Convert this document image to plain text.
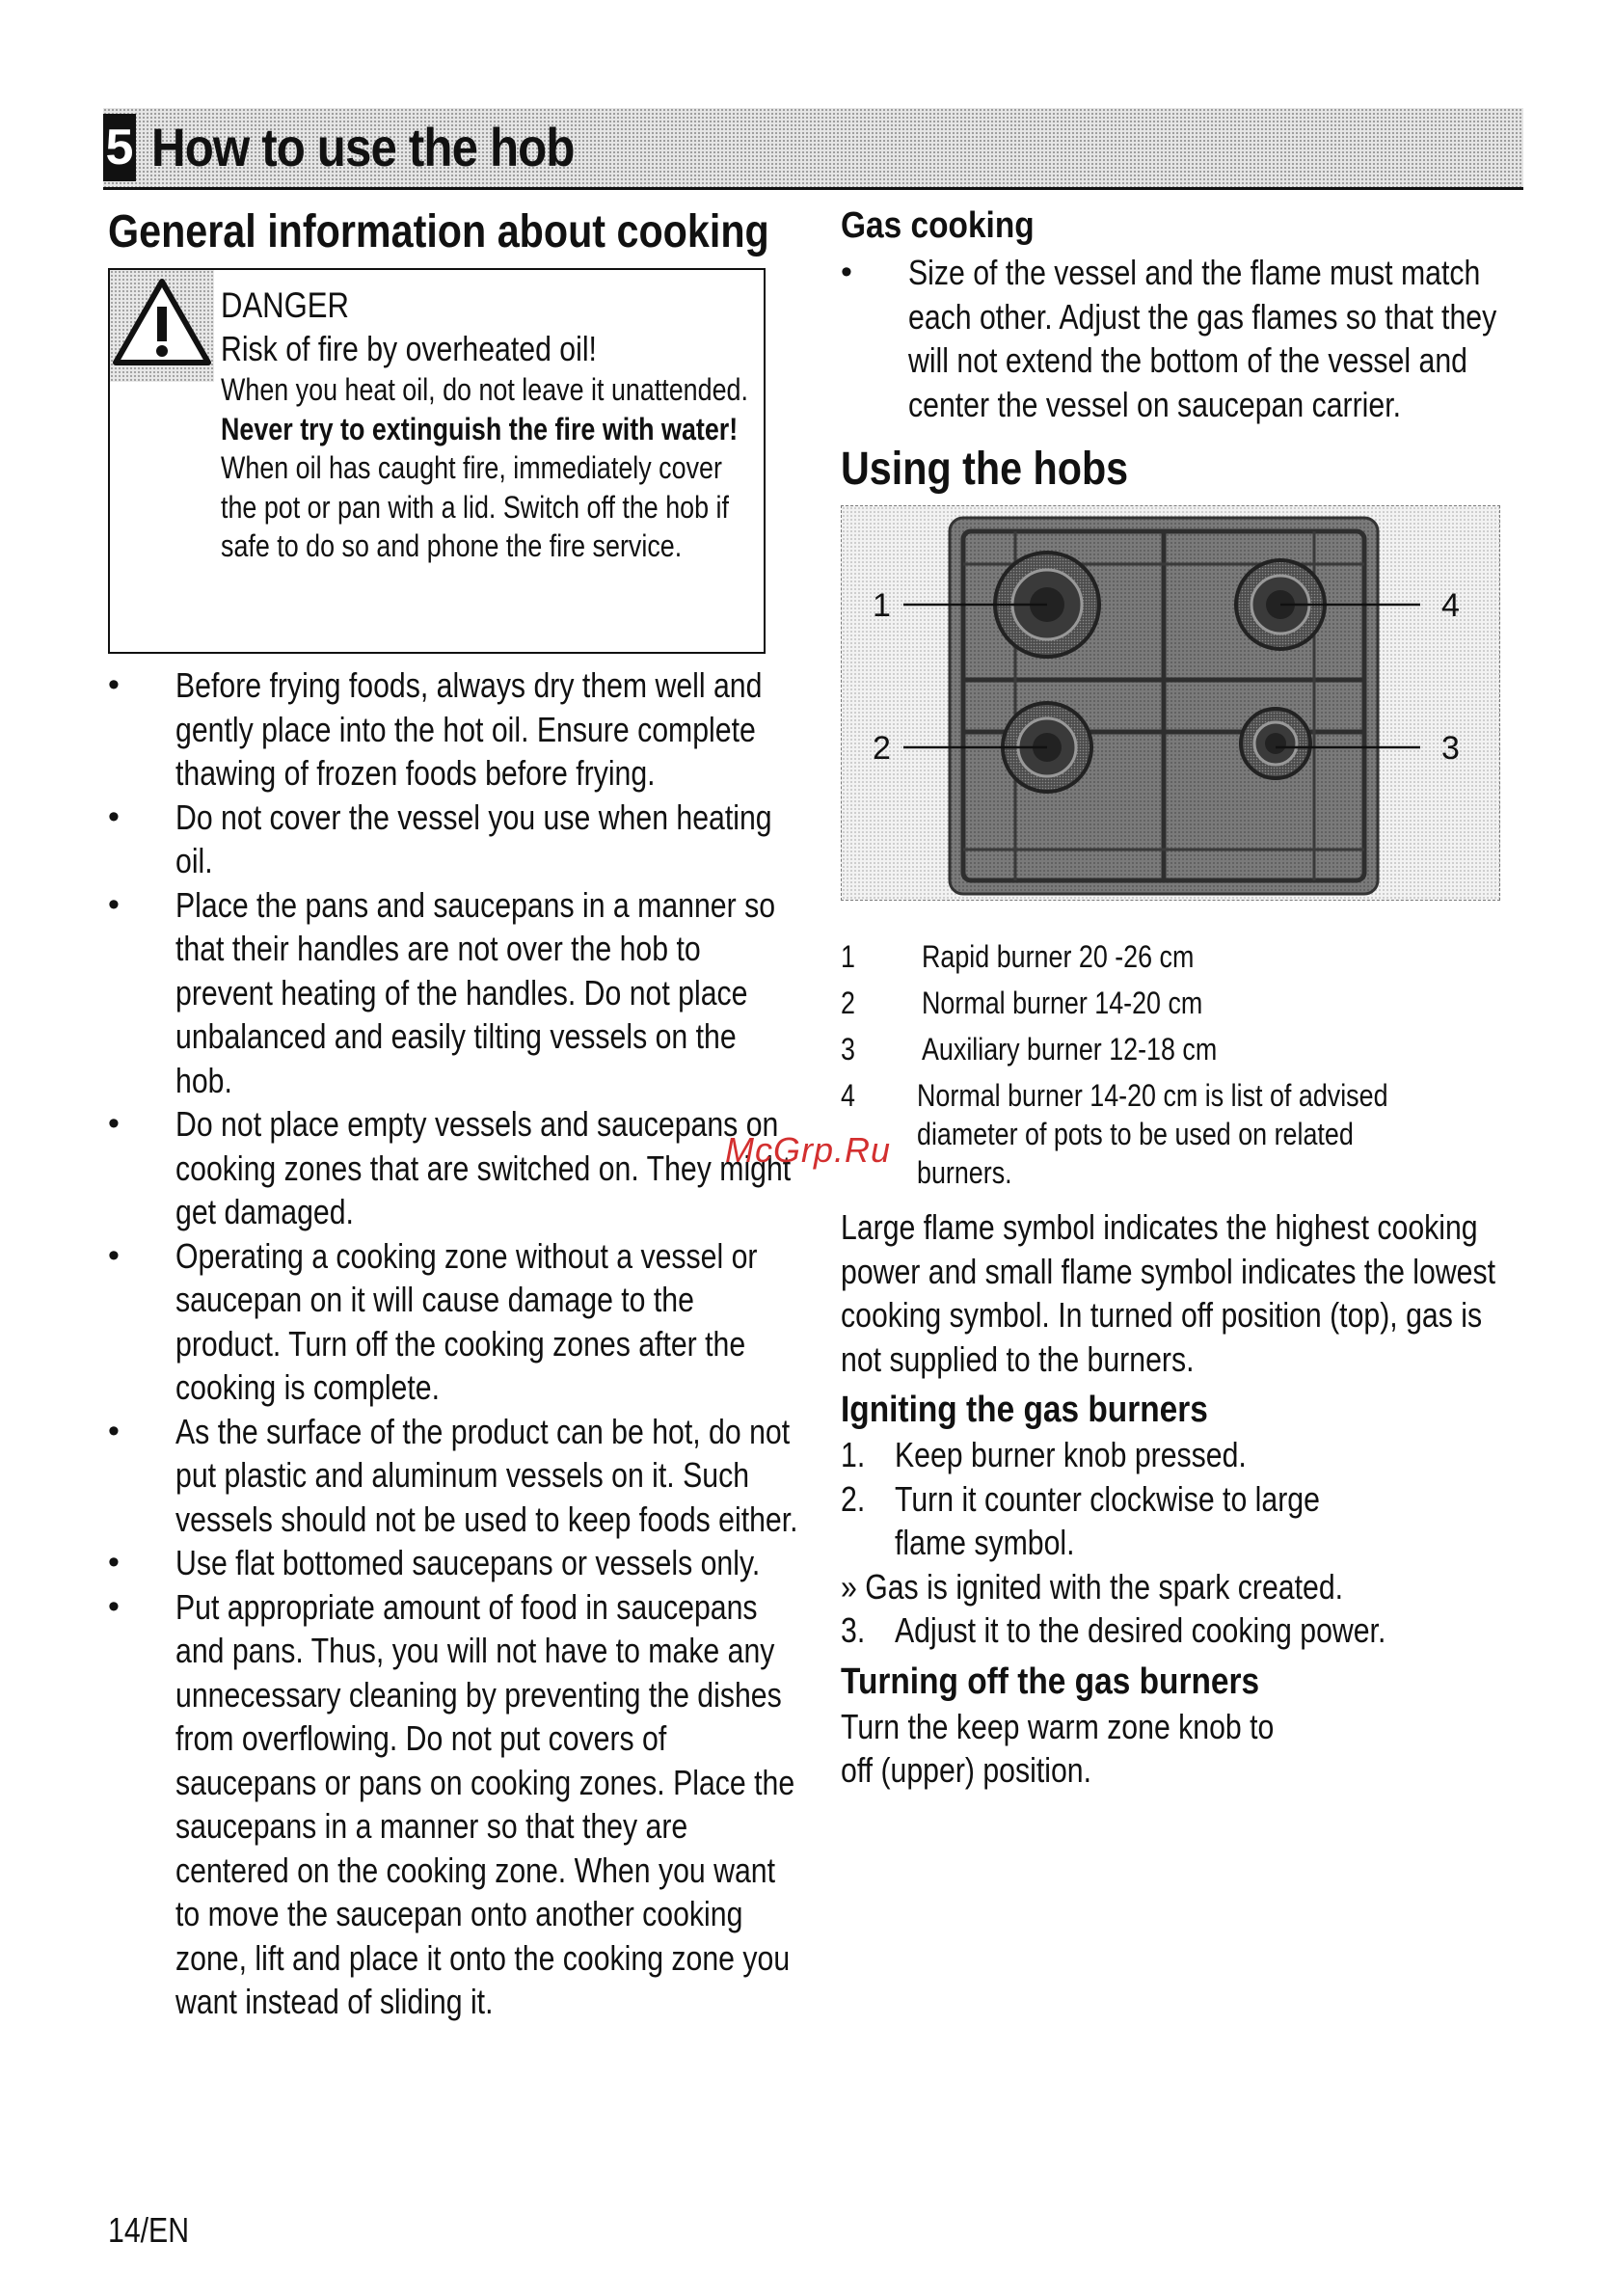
5 How to use the hob
General information about cooking
DANGER
Risk of fire by overheated oil!
When you heat oil, do not leave it unattended.
Never try to extinguish the fire with water! When oil has caught fire, immediately cover the pot or pan with a lid. Switch off the hob if safe to do so and phone the fire service.
• Before frying foods, always dry them well and gently place into the hot oil. Ensure complete thawing of frozen foods before frying.
• Do not cover the vessel you use when heating oil.
• Place the pans and saucepans in a manner so that their handles are not over the hob to prevent heating of the handles. Do not place unbalanced and easily tilting vessels on the hob.
• Do not place empty vessels and saucepans on cooking zones that are switched on. They might get damaged.
• Operating a cooking zone without a vessel or saucepan on it will cause damage to the product. Turn off the cooking zones after the cooking is complete.
• As the surface of the product can be hot, do not put plastic and aluminum vessels on it. Such vessels should not be used to keep foods either.
• Use flat bottomed saucepans or vessels only.
• Put appropriate amount of food in saucepans and pans. Thus, you will not have to make any unnecessary cleaning by preventing the dishes from overflowing. Do not put covers of saucepans or pans on cooking zones. Place the saucepans in a manner so that they are centered on the cooking zone. When you want to move the saucepan onto another cooking zone, lift and place it onto the cooking zone you want instead of sliding it.
Gas cooking
• Size of the vessel and the flame must match each other. Adjust the gas flames so that they will not extend the bottom of the vessel and center the vessel on saucepan carrier.
Using the hobs
1
2	3
4
1	Rapid burner 20 -26 cm
2	Normal burner 14-20 cm
3	Auxiliary burner 12-18 cm
4	Normal burner 14-20 cm is list of advised diameter of pots to be used on related burners.
Large flame symbol indicates the highest cooking power and small flame symbol indicates the lowest cooking symbol. In turned off position (top), gas is not supplied to the burners.
Igniting the gas burners
1. Keep burner knob pressed.
2. Turn it counter clockwise to large flame symbol.
» Gas is ignited with the spark created.
3. Adjust it to the desired cooking power.
Turning off the gas burners
Turn the keep warm zone knob to off (upper) position.
McGrp.Ru
14/EN
